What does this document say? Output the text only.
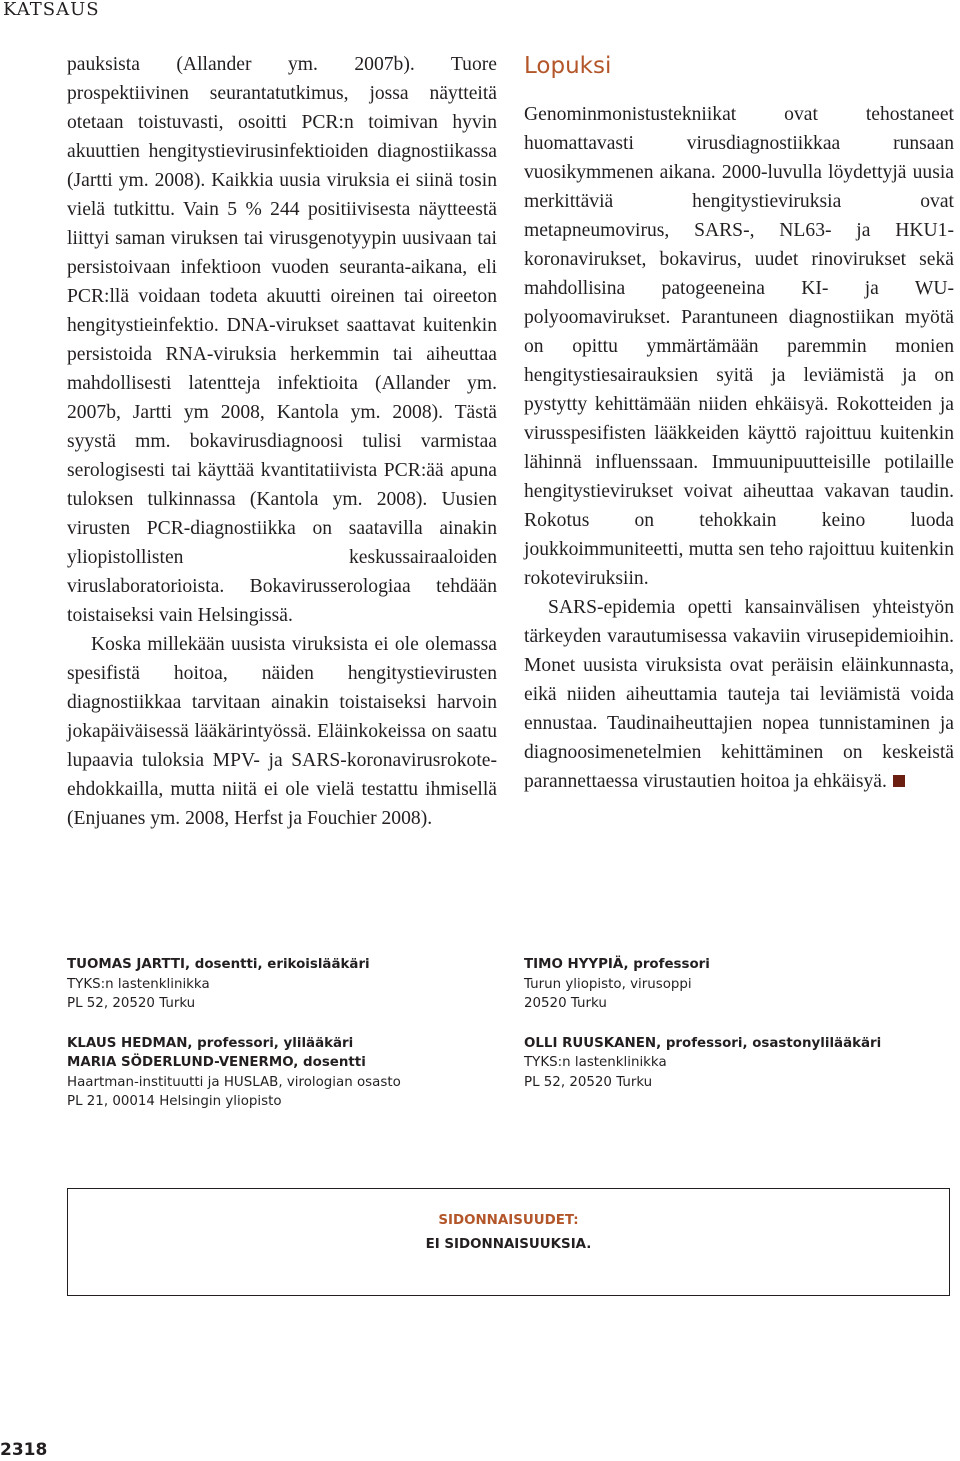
KATSAUS

pauksista (Allander ym. 2007b). Tuore prospektiivinen seurantatutkimus, jossa näytteitä otetaan toistuvasti, osoitti PCR:n toimivan hyvin akuuttien hengitystievirusinfektioiden diagnostiikassa (Jartti ym. 2008). Kaikkia uusia viruksia ei siinä tosin vielä tutkittu. Vain 5 % 244 positiivisesta näytteestä liittyi saman viruksen tai virusgenotyypin uusivaan tai persistoivaan infektioon vuoden seuranta-aikana, eli PCR:llä voidaan todeta akuutti oireinen tai oireeton hengitystieinfektio. DNA-virukset saattavat kuitenkin persistoida RNA-viruksia herkemmin tai aiheuttaa mahdollisesti latentteja infektioita (Allander ym. 2007b, Jartti ym 2008, Kantola ym. 2008). Tästä syystä mm. bokavirusdiagnoosi tulisi varmistaa serologisesti tai käyttää kvantitatiivista PCR:ää apuna tuloksen tulkinnassa (Kantola ym. 2008). Uusien virusten PCR-diagnostiikka on saatavilla ainakin yliopistollisten keskussairaaloiden viruslaboratorioista. Bokavirusserologiaa tehdään toistaiseksi vain Helsingissä.

Koska millekään uusista viruksista ei ole olemassa spesifistä hoitoa, näiden hengitystievirusten diagnostiikkaa tarvitaan ainakin toistaiseksi harvoin jokapäiväisessä lääkärintyössä. Eläinkokeissa on saatu lupaavia tuloksia MPV- ja SARS-koronavirusrokote-ehdokkailla, mutta niitä ei ole vielä testattu ihmisellä (Enjuanes ym. 2008, Herfst ja Fouchier 2008).

Lopuksi

Genominmonistustekniikat ovat tehostaneet huomattavasti virusdiagnostiikkaa runsaan vuosikymmenen aikana. 2000-luvulla löydettyjä uusia merkittäviä hengitystieviruksia ovat metapneumovirus, SARS-, NL63- ja HKU1-koronavirukset, bokavirus, uudet rinovirukset sekä mahdollisina patogeeneina KI- ja WU-polyoomavirukset. Parantuneen diagnostiikan myötä on opittu ymmärtämään paremmin monien hengitystiesairauksien syitä ja leviämistä ja on pystytty kehittämään niiden ehkäisyä. Rokotteiden ja virusspesifisten lääkkeiden käyttö rajoittuu kuitenkin lähinnä influenssaan. Immuunipuutteisille potilaille hengitystievirukset voivat aiheuttaa vakavan taudin. Rokotus on tehokkain keino luoda joukkoimmuniteetti, mutta sen teho rajoittuu kuitenkin rokoteviruksiin.

SARS-epidemia opetti kansainvälisen yhteistyön tärkeyden varautumisessa vakaviin virusepidemioihin. Monet uusista viruksista ovat peräisin eläinkunnasta, eikä niiden aiheuttamia tauteja tai leviämistä voida ennustaa. Taudinaiheuttajien nopea tunnistaminen ja diagnoosimenetelmien kehittäminen on keskeistä parannettaessa virustautien hoitoa ja ehkäisyä.

TUOMAS JARTTI, dosentti, erikoislääkäri
TYKS:n lastenklinikka
PL 52, 20520 Turku
KLAUS HEDMAN, professori, ylilääkäri
MARIA SÖDERLUND-VENERMO, dosentti
Haartman-instituutti ja HUSLAB, virologian osasto
PL 21, 00014 Helsingin yliopisto
TIMO HYYPIÄ, professori
Turun yliopisto, virusoppi
20520 Turku
OLLI RUUSKANEN, professori, osastonylilääkäri
TYKS:n lastenklinikka
PL 52, 20520 Turku
SIDONNAISUUDET:
EI SIDONNAISUUKSIA.
2318
